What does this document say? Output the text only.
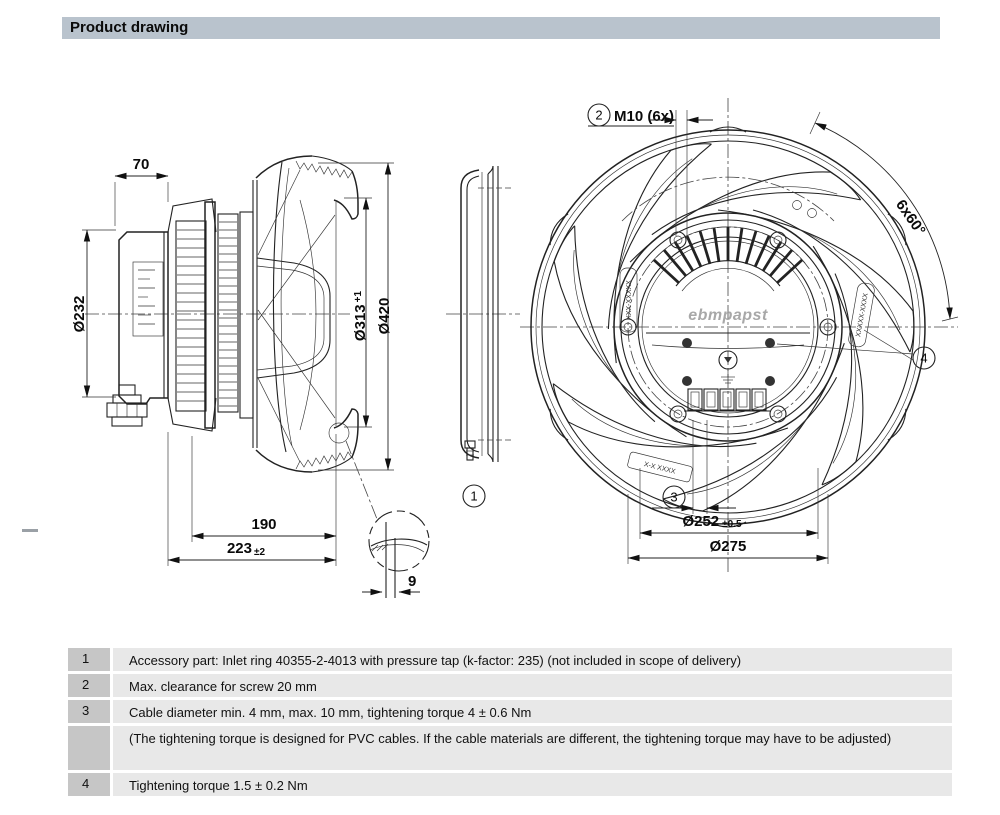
Product drawing
70
Ø232	$Ø313^{+1}$
Ø420
190
223 ±2
9
1
ebmpapst
XXX-XXXXX	XXXXX-XXXX
X-X XXXX
2 M10 (6x)
6x60°
4
3
Ø252 ±0.5
Ø275
1	Accessory part: Inlet ring 40355-2-4013 with pressure tap (k-factor: 235) (not included in scope of delivery)
2	Max. clearance for screw 20 mm
3	Cable diameter min. 4 mm, max. 10 mm, tightening torque 4 ± 0.6 Nm
(The tightening torque is designed for PVC cables. If the cable materials are different, the tightening torque may have to be adjusted)
4	Tightening torque 1.5 ± 0.2 Nm
